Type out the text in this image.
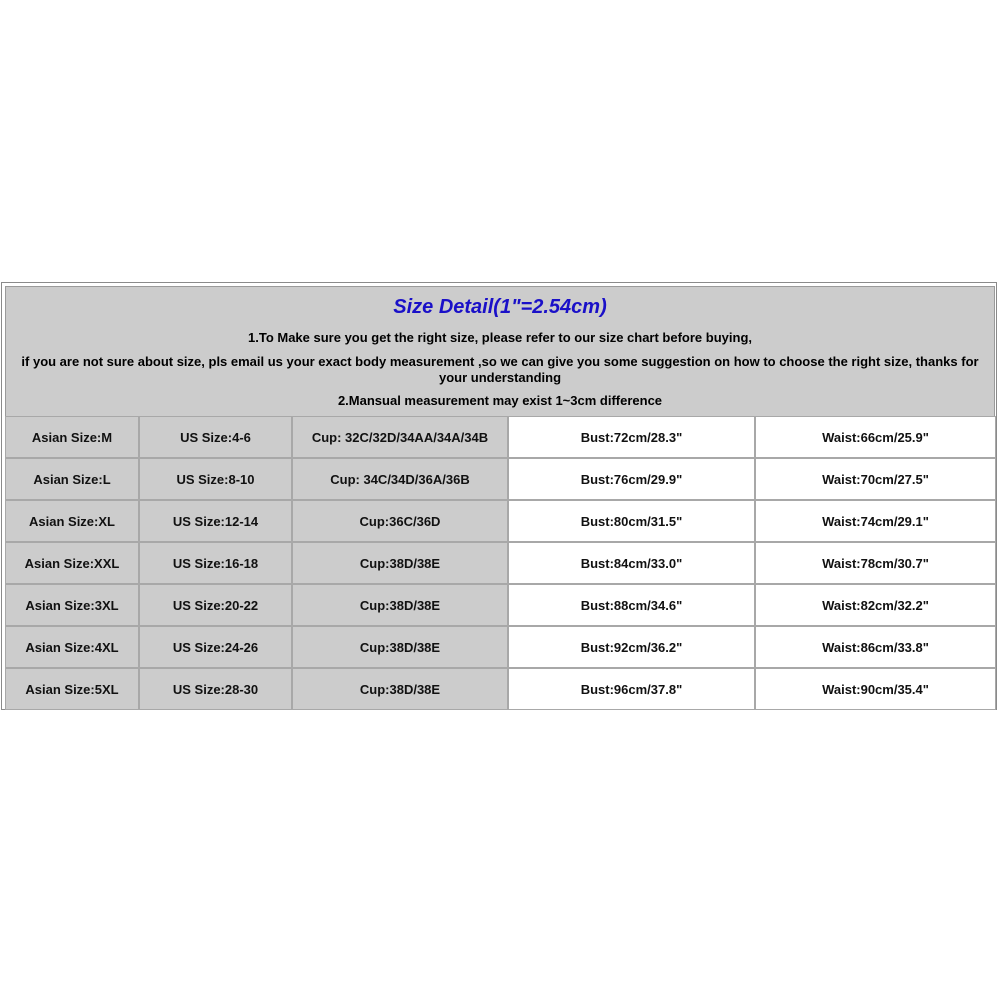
Size Detail(1"=2.54cm)
1.To Make sure you get the right size, please refer to our size chart before buying,
if you are not sure about size, pls email us your exact body measurement ,so we can give you some suggestion on how to choose the right size, thanks for your understanding
2.Mansual measurement may exist 1~3cm difference
Asian Size:M	US Size:4-6	Cup: 32C/32D/34AA/34A/34B	Bust:72cm/28.3"	Waist:66cm/25.9"
Asian Size:L	US Size:8-10	Cup: 34C/34D/36A/36B	Bust:76cm/29.9"	Waist:70cm/27.5"
Asian Size:XL	US Size:12-14	Cup:36C/36D	Bust:80cm/31.5"	Waist:74cm/29.1"
Asian Size:XXL	US Size:16-18	Cup:38D/38E	Bust:84cm/33.0"	Waist:78cm/30.7"
Asian Size:3XL	US Size:20-22	Cup:38D/38E	Bust:88cm/34.6"	Waist:82cm/32.2"
Asian Size:4XL	US Size:24-26	Cup:38D/38E	Bust:92cm/36.2"	Waist:86cm/33.8"
Asian Size:5XL	US Size:28-30	Cup:38D/38E	Bust:96cm/37.8"	Waist:90cm/35.4"
